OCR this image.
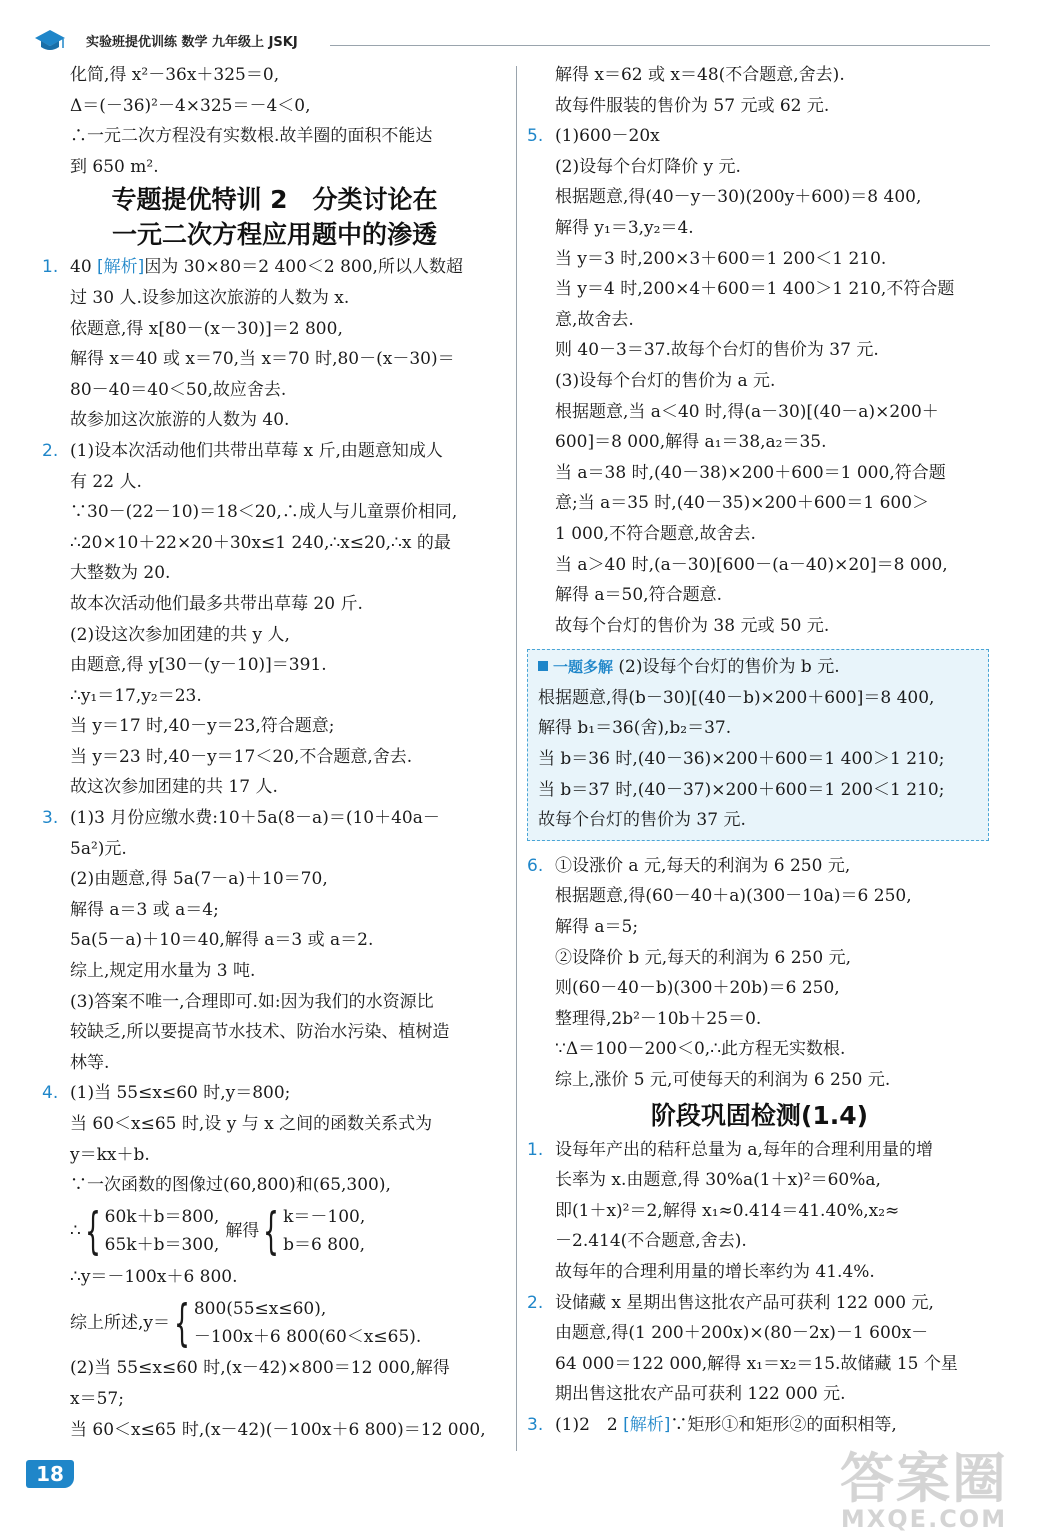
实验班提优训练 数学 九年级上 JSKJ
化简,得 x²－36x＋325＝0,
Δ＝(－36)²－4×325＝－4＜0,
∴一元二次方程没有实数根.故羊圈的面积不能达
到 650 m².
专题提优特训 2　分类讨论在
一元二次方程应用题中的渗透
1. 40 [解析]因为 30×80＝2 400＜2 800,所以人数超
过 30 人.设参加这次旅游的人数为 x.
依题意,得 x[80－(x－30)]＝2 800,
解得 x＝40 或 x＝70,当 x＝70 时,80－(x－30)＝
80－40＝40＜50,故应舍去.
故参加这次旅游的人数为 40.
2. (1)设本次活动他们共带出草莓 x 斤,由题意知成人
有 22 人.
∵30－(22－10)＝18＜20,∴成人与儿童票价相同,
∴20×10＋22×20＋30x≤1 240,∴x≤20,∴x 的最
大整数为 20.
故本次活动他们最多共带出草莓 20 斤.
(2)设这次参加团建的共 y 人,
由题意,得 y[30－(y－10)]＝391.
∴y₁＝17,y₂＝23.
当 y＝17 时,40－y＝23,符合题意;
当 y＝23 时,40－y＝17＜20,不合题意,舍去.
故这次参加团建的共 17 人.
3. (1)3 月份应缴水费:10＋5a(8－a)＝(10＋40a－
5a²)元.
(2)由题意,得 5a(7－a)＋10＝70,
解得 a＝3 或 a＝4;
5a(5－a)＋10＝40,解得 a＝3 或 a＝2.
综上,规定用水量为 3 吨.
(3)答案不唯一,合理即可.如:因为我们的水资源比
较缺乏,所以要提高节水技术、防治水污染、植树造
林等.
4. (1)当 55≤x≤60 时,y＝800;
当 60＜x≤65 时,设 y 与 x 之间的函数关系式为
y＝kx＋b.
∵一次函数的图像过(60,800)和(65,300),
∴ { 60k＋b＝800,
65k＋b＝300,
解得 { k＝－100,
b＝6 800,
∴y＝－100x＋6 800.
综上所述,y＝ { 800(55≤x≤60),
－100x＋6 800(60＜x≤65).
(2)当 55≤x≤60 时,(x－42)×800＝12 000,解得
x＝57;
当 60＜x≤65 时,(x－42)(－100x＋6 800)＝12 000,
解得 x＝62 或 x＝48(不合题意,舍去).
故每件服装的售价为 57 元或 62 元.
5. (1)600－20x
(2)设每个台灯降价 y 元.
根据题意,得(40－y－30)(200y＋600)＝8 400,
解得 y₁＝3,y₂＝4.
当 y＝3 时,200×3＋600＝1 200＜1 210.
当 y＝4 时,200×4＋600＝1 400＞1 210,不符合题
意,故舍去.
则 40－3＝37.故每个台灯的售价为 37 元.
(3)设每个台灯的售价为 a 元.
根据题意,当 a＜40 时,得(a－30)[(40－a)×200＋
600]＝8 000,解得 a₁＝38,a₂＝35.
当 a＝38 时,(40－38)×200＋600＝1 000,符合题
意;当 a＝35 时,(40－35)×200＋600＝1 600＞
1 000,不符合题意,故舍去.
当 a＞40 时,(a－30)[600－(a－40)×20]＝8 000,
解得 a＝50,符合题意.
故每个台灯的售价为 38 元或 50 元.
一题多解 (2)设每个台灯的售价为 b 元.
根据题意,得(b－30)[(40－b)×200＋600]＝8 400,
解得 b₁＝36(舍),b₂＝37.
当 b＝36 时,(40－36)×200＋600＝1 400＞1 210;
当 b＝37 时,(40－37)×200＋600＝1 200＜1 210;
故每个台灯的售价为 37 元.
6. ①设涨价 a 元,每天的利润为 6 250 元,
根据题意,得(60－40＋a)(300－10a)＝6 250,
解得 a＝5;
②设降价 b 元,每天的利润为 6 250 元,
则(60－40－b)(300＋20b)＝6 250,
整理得,2b²－10b＋25＝0.
∵Δ＝100－200＜0,∴此方程无实数根.
综上,涨价 5 元,可使每天的利润为 6 250 元.
阶段巩固检测(1.4)
1. 设每年产出的秸秆总量为 a,每年的合理利用量的增
长率为 x.由题意,得 30%a(1＋x)²＝60%a,
即(1＋x)²＝2,解得 x₁≈0.414＝41.40%,x₂≈
－2.414(不合题意,舍去).
故每年的合理利用量的增长率约为 41.4%.
2. 设储藏 x 星期出售这批农产品可获利 122 000 元,
由题意,得(1 200＋200x)×(80－2x)－1 600x－
64 000＝122 000,解得 x₁＝x₂＝15.故储藏 15 个星
期出售这批农产品可获利 122 000 元.
3. (1)2　2 [解析]∵矩形①和矩形②的面积相等,
18	答案圈
MXQE.COM
